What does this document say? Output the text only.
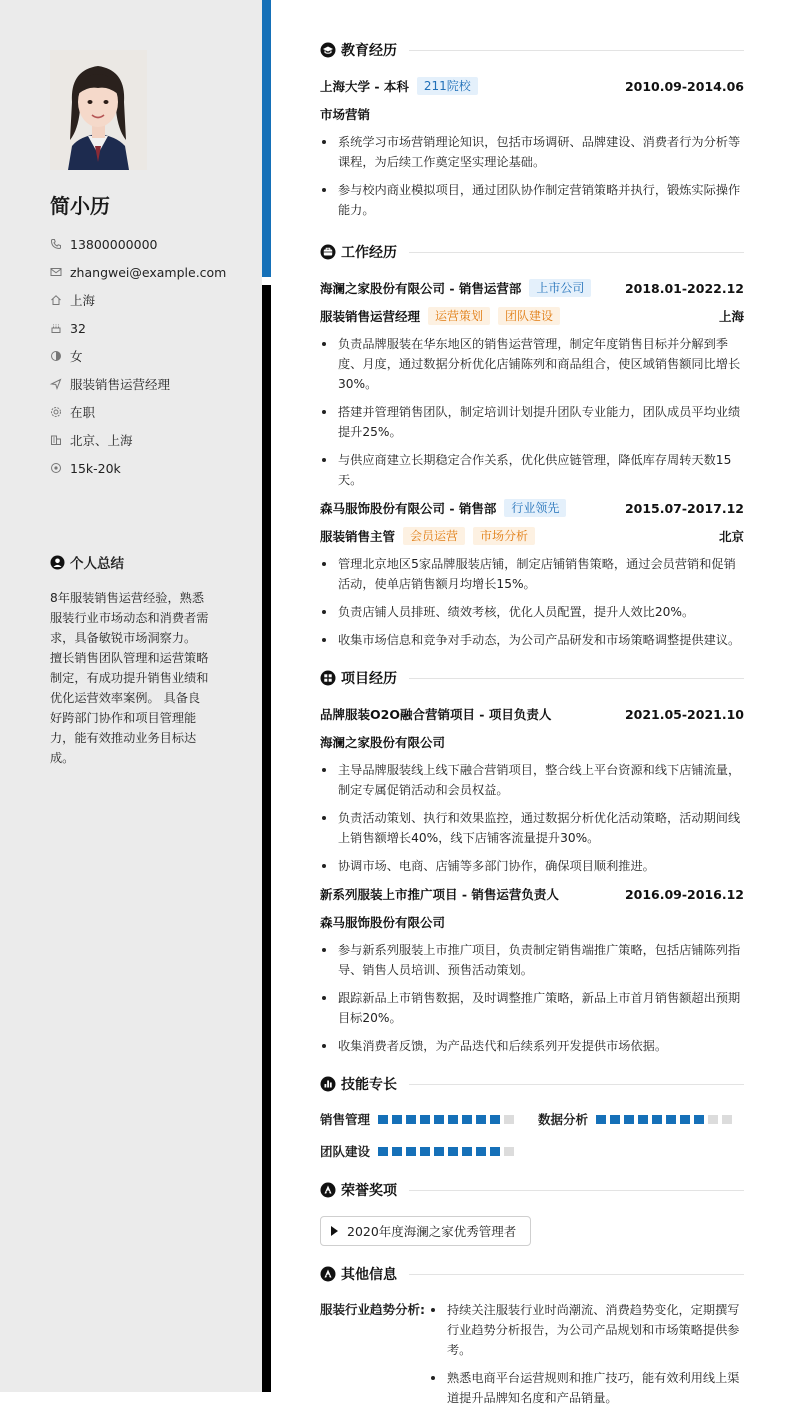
简小历
13800000000
zhangwei@example.com
上海
32
女
服装销售运营经理
在职
北京、上海
15k-20k
个人总结
8年服装销售运营经验，熟悉服装行业市场动态和消费者需求，具备敏锐市场洞察力。 擅长销售团队管理和运营策略制定，有成功提升销售业绩和优化运营效率案例。 具备良好跨部门协作和项目管理能力，能有效推动业务目标达成。
教育经历
上海大学 - 本科	211院校	2010.09-2014.06
市场营销
系统学习市场营销理论知识，包括市场调研、品牌建设、消费者行为分析等课程，为后续工作奠定坚实理论基础。
参与校内商业模拟项目，通过团队协作制定营销策略并执行，锻炼实际操作能力。
工作经历
海澜之家股份有限公司 - 销售运营部	上市公司	2018.01-2022.12
服装销售运营经理	运营策划	团队建设	上海
负责品牌服装在华东地区的销售运营管理，制定年度销售目标并分解到季度、月度，通过数据分析优化店铺陈列和商品组合，使区域销售额同比增长30%。
搭建并管理销售团队，制定培训计划提升团队专业能力，团队成员平均业绩提升25%。
与供应商建立长期稳定合作关系，优化供应链管理，降低库存周转天数15天。
森马服饰股份有限公司 - 销售部	行业领先	2015.07-2017.12
服装销售主管	会员运营	市场分析	北京
管理北京地区5家品牌服装店铺，制定店铺销售策略，通过会员营销和促销活动，使单店销售额月均增长15%。
负责店铺人员排班、绩效考核，优化人员配置，提升人效比20%。
收集市场信息和竞争对手动态，为公司产品研发和市场策略调整提供建议。
项目经历
品牌服装O2O融合营销项目 - 项目负责人	2021.05-2021.10
海澜之家股份有限公司
主导品牌服装线上线下融合营销项目，整合线上平台资源和线下店铺流量，制定专属促销活动和会员权益。
负责活动策划、执行和效果监控，通过数据分析优化活动策略，活动期间线上销售额增长40%，线下店铺客流量提升30%。
协调市场、电商、店铺等多部门协作，确保项目顺利推进。
新系列服装上市推广项目 - 销售运营负责人	2016.09-2016.12
森马服饰股份有限公司
参与新系列服装上市推广项目，负责制定销售端推广策略，包括店铺陈列指导、销售人员培训、预售活动策划。
跟踪新品上市销售数据，及时调整推广策略，新品上市首月销售额超出预期目标20%。
收集消费者反馈，为产品迭代和后续系列开发提供市场依据。
技能专长
销售管理	数据分析
团队建设
荣誉奖项
2020年度海澜之家优秀管理者
其他信息
服装行业趋势分析:	持续关注服装行业时尚潮流、消费趋势变化，定期撰写行业趋势分析报告，为公司产品规划和市场策略提供参考。
熟悉电商平台运营规则和推广技巧，能有效利用线上渠道提升品牌知名度和产品销量。
